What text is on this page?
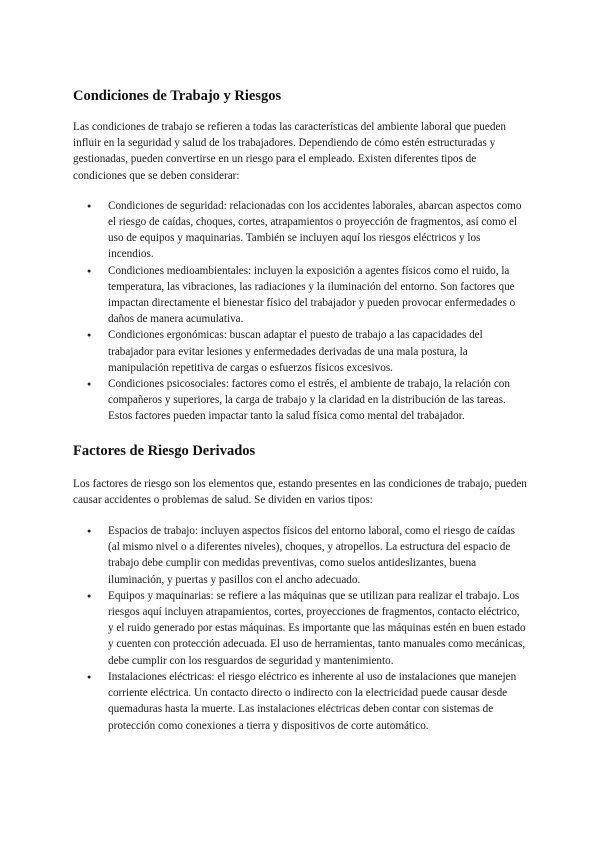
Condiciones de Trabajo y Riesgos

Las condiciones de trabajo se refieren a todas las características del ambiente laboral que pueden influir en la seguridad y salud de los trabajadores. Dependiendo de cómo estén estructuradas y gestionadas, pueden convertirse en un riesgo para el empleado. Existen diferentes tipos de condiciones que se deben considerar:

● Condiciones de seguridad: relacionadas con los accidentes laborales, abarcan aspectos como el riesgo de caídas, choques, cortes, atrapamientos o proyección de fragmentos, así como el uso de equipos y maquinarias. También se incluyen aquí los riesgos eléctricos y los incendios.
● Condiciones medioambientales: incluyen la exposición a agentes físicos como el ruido, la temperatura, las vibraciones, las radiaciones y la iluminación del entorno. Son factores que impactan directamente el bienestar físico del trabajador y pueden provocar enfermedades o daños de manera acumulativa.
● Condiciones ergonómicas: buscan adaptar el puesto de trabajo a las capacidades del trabajador para evitar lesiones y enfermedades derivadas de una mala postura, la manipulación repetitiva de cargas o esfuerzos físicos excesivos.
● Condiciones psicosociales: factores como el estrés, el ambiente de trabajo, la relación con compañeros y superiores, la carga de trabajo y la claridad en la distribución de las tareas. Estos factores pueden impactar tanto la salud física como mental del trabajador.
Factores de Riesgo Derivados

Los factores de riesgo son los elementos que, estando presentes en las condiciones de trabajo, pueden causar accidentes o problemas de salud. Se dividen en varios tipos:

● Espacios de trabajo: incluyen aspectos físicos del entorno laboral, como el riesgo de caídas (al mismo nivel o a diferentes niveles), choques, y atropellos. La estructura del espacio de trabajo debe cumplir con medidas preventivas, como suelos antideslizantes, buena iluminación, y puertas y pasillos con el ancho adecuado.
● Equipos y maquinarias: se refiere a las máquinas que se utilizan para realizar el trabajo. Los riesgos aquí incluyen atrapamientos, cortes, proyecciones de fragmentos, contacto eléctrico, y el ruido generado por estas máquinas. Es importante que las máquinas estén en buen estado y cuenten con protección adecuada. El uso de herramientas, tanto manuales como mecánicas, debe cumplir con los resguardos de seguridad y mantenimiento.
● Instalaciones eléctricas: el riesgo eléctrico es inherente al uso de instalaciones que manejen corriente eléctrica. Un contacto directo o indirecto con la electricidad puede causar desde quemaduras hasta la muerte. Las instalaciones eléctricas deben contar con sistemas de protección como conexiones a tierra y dispositivos de corte automático.
